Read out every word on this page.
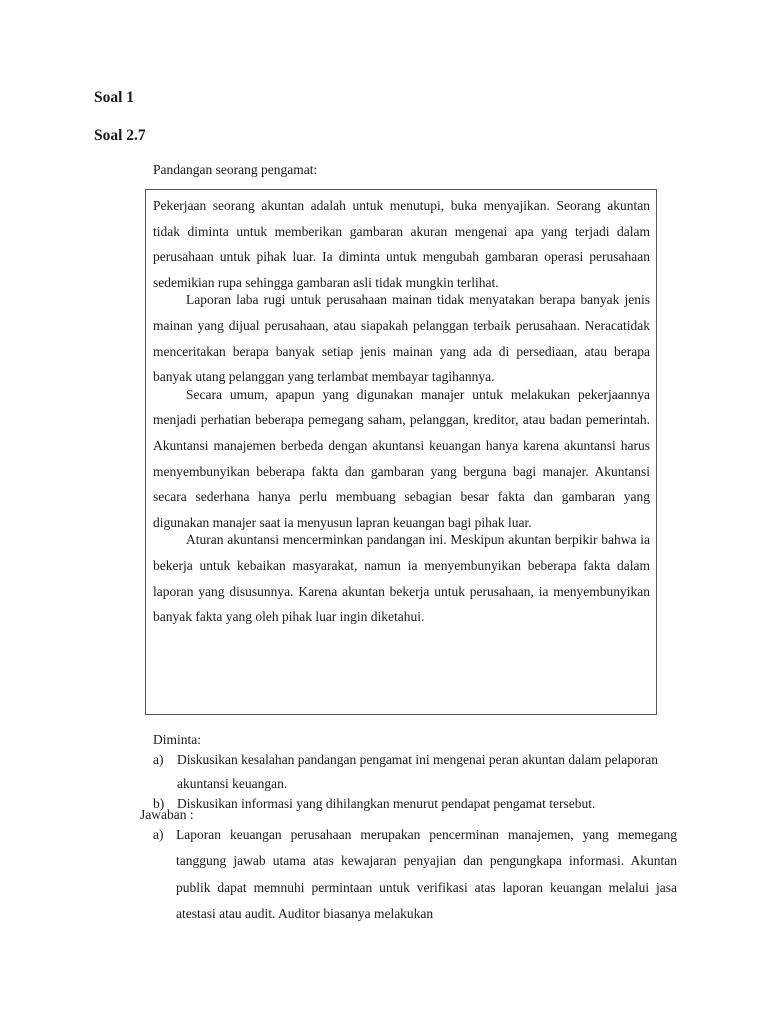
Soal 1
Soal 2.7
Pandangan seorang pengamat:

Pekerjaan seorang akuntan adalah untuk menutupi, buka menyajikan. Seorang akuntan tidak diminta untuk memberikan gambaran akuran mengenai apa yang terjadi dalam perusahaan untuk pihak luar. Ia diminta untuk mengubah gambaran operasi perusahaan sedemikian rupa sehingga gambaran asli tidak mungkin terlihat.

Laporan laba rugi untuk perusahaan mainan tidak menyatakan berapa banyak jenis mainan yang dijual perusahaan, atau siapakah pelanggan terbaik perusahaan. Neracatidak menceritakan berapa banyak setiap jenis mainan yang ada di persediaan, atau berapa banyak utang pelanggan yang terlambat membayar tagihannya.

Secara umum, apapun yang digunakan manajer untuk melakukan pekerjaannya menjadi perhatian beberapa pemegang saham, pelanggan, kreditor, atau badan pemerintah. Akuntansi manajemen berbeda dengan akuntansi keuangan hanya karena akuntansi harus menyembunyikan beberapa fakta dan gambaran yang berguna bagi manajer. Akuntansi secara sederhana hanya perlu membuang sebagian besar fakta dan gambaran yang digunakan manajer saat ia menyusun lapran keuangan bagi pihak luar.

Aturan akuntansi mencerminkan pandangan ini. Meskipun akuntan berpikir bahwa ia bekerja untuk kebaikan masyarakat, namun ia menyembunyikan beberapa fakta dalam laporan yang disusunnya. Karena akuntan bekerja untuk perusahaan, ia menyembunyikan banyak fakta yang oleh pihak luar ingin diketahui.

Diminta:
a)	Diskusikan kesalahan pandangan pengamat ini mengenai peran akuntan dalam pelaporan akuntansi keuangan.
b) Diskusikan informasi yang dihilangkan menurut pendapat pengamat tersebut.
Jawaban :
a) Laporan keuangan perusahaan merupakan pencerminan manajemen, yang memegang tanggung jawab utama atas kewajaran penyajian dan pengungkapa informasi. Akuntan publik dapat memnuhi permintaan untuk verifikasi atas laporan keuangan melalui jasa atestasi atau audit. Auditor biasanya melakukan
